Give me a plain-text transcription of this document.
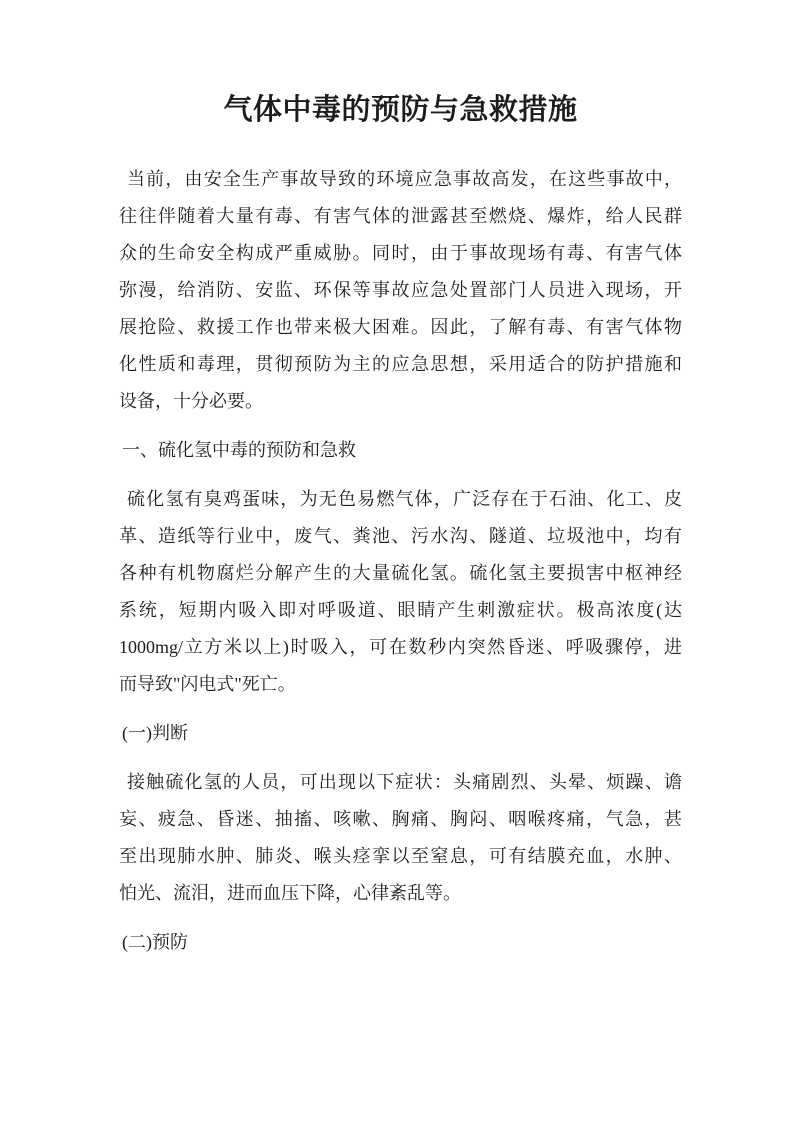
气体中毒的预防与急救措施
当前，由安全生产事故导致的环境应急事故高发，在这些事故中，
往往伴随着大量有毒、有害气体的泄露甚至燃烧、爆炸，给人民群
众的生命安全构成严重威胁。同时，由于事故现场有毒、有害气体
弥漫，给消防、安监、环保等事故应急处置部门人员进入现场，开
展抢险、救援工作也带来极大困难。因此，了解有毒、有害气体物
化性质和毒理，贯彻预防为主的应急思想，采用适合的防护措施和
设备，十分必要。
一、硫化氢中毒的预防和急救
硫化氢有臭鸡蛋味，为无色易燃气体，广泛存在于石油、化工、皮
革、造纸等行业中，废气、粪池、污水沟、隧道、垃圾池中，均有
各种有机物腐烂分解产生的大量硫化氢。硫化氢主要损害中枢神经
系统，短期内吸入即对呼吸道、眼睛产生刺激症状。极高浓度(达
1000mg/立方米以上)时吸入，可在数秒内突然昏迷、呼吸骤停，进
而导致"闪电式"死亡。
(一)判断
接触硫化氢的人员，可出现以下症状：头痛剧烈、头晕、烦躁、谵
妄、疲急、昏迷、抽搐、咳嗽、胸痛、胸闷、咽喉疼痛，气急，甚
至出现肺水肿、肺炎、喉头痉挛以至窒息，可有结膜充血，水肿、
怕光、流泪，进而血压下降，心律紊乱等。
(二)预防
